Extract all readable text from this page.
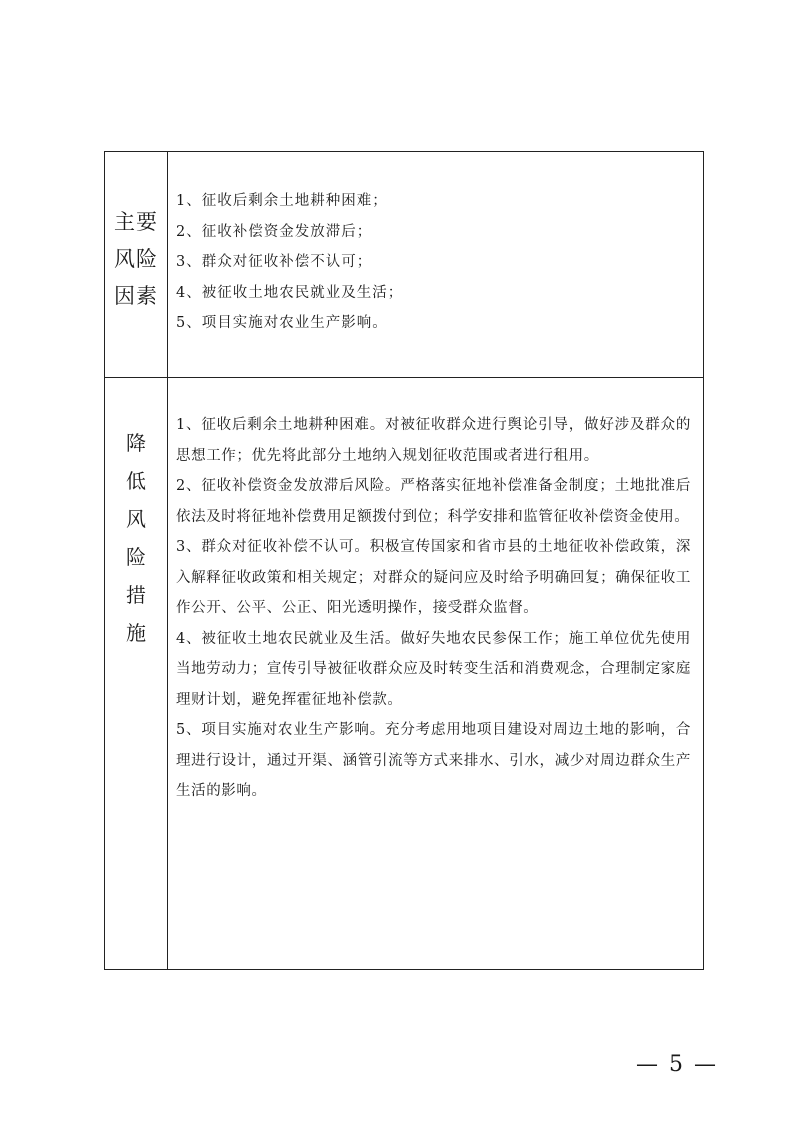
主要
风险
因素
1、征收后剩余土地耕种困难；
2、征收补偿资金发放滞后；
3、群众对征收补偿不认可；
4、被征收土地农民就业及生活；
5、项目实施对农业生产影响。
降
低
风
险
措
施

1、征收后剩余土地耕种困难。对被征收群众进行舆论引导，做好涉及群众的思想工作；优先将此部分土地纳入规划征收范围或者进行租用。

2、征收补偿资金发放滞后风险。严格落实征地补偿准备金制度；土地批准后依法及时将征地补偿费用足额拨付到位；科学安排和监管征收补偿资金使用。

3、群众对征收补偿不认可。积极宣传国家和省市县的土地征收补偿政策，深入解释征收政策和相关规定；对群众的疑问应及时给予明确回复；确保征收工作公开、公平、公正、阳光透明操作，接受群众监督。

4、被征收土地农民就业及生活。做好失地农民参保工作；施工单位优先使用当地劳动力；宣传引导被征收群众应及时转变生活和消费观念，合理制定家庭理财计划，避免挥霍征地补偿款。

5、项目实施对农业生产影响。充分考虑用地项目建设对周边土地的影响，合理进行设计，通过开渠、涵管引流等方式来排水、引水，减少对周边群众生产生活的影响。

— 5 —
